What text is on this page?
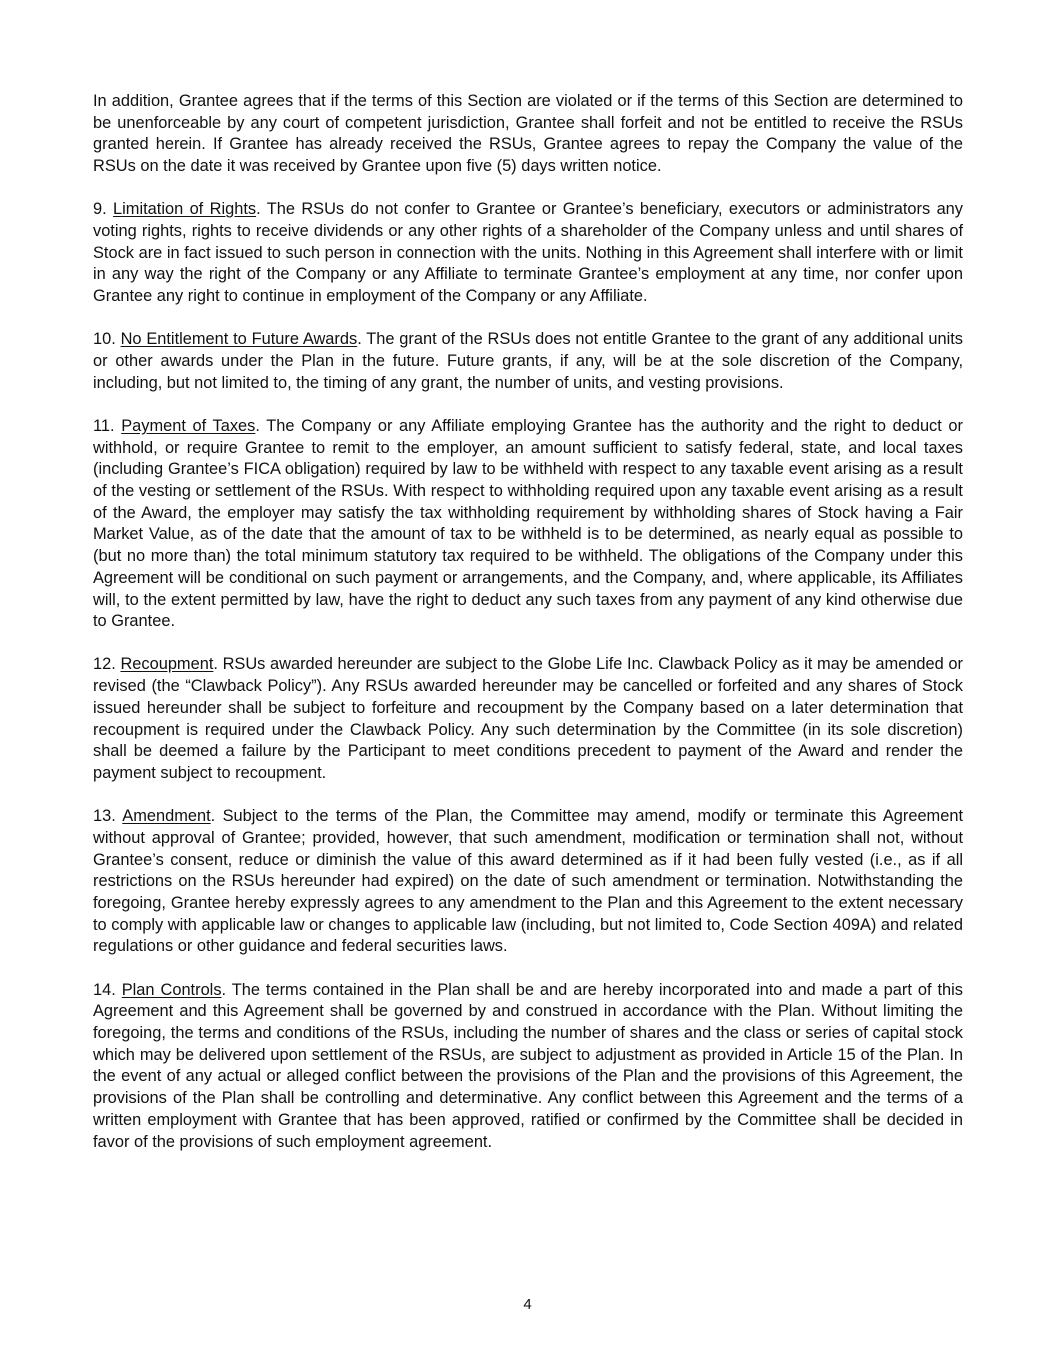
In addition, Grantee agrees that if the terms of this Section are violated or if the terms of this Section are determined to be unenforceable by any court of competent jurisdiction, Grantee shall forfeit and not be entitled to receive the RSUs granted herein. If Grantee has already received the RSUs, Grantee agrees to repay the Company the value of the RSUs on the date it was received by Grantee upon five (5) days written notice.

9. Limitation of Rights. The RSUs do not confer to Grantee or Grantee’s beneficiary, executors or administrators any voting rights, rights to receive dividends or any other rights of a shareholder of the Company unless and until shares of Stock are in fact issued to such person in connection with the units. Nothing in this Agreement shall interfere with or limit in any way the right of the Company or any Affiliate to terminate Grantee’s employment at any time, nor confer upon Grantee any right to continue in employment of the Company or any Affiliate.

10. No Entitlement to Future Awards. The grant of the RSUs does not entitle Grantee to the grant of any additional units or other awards under the Plan in the future. Future grants, if any, will be at the sole discretion of the Company, including, but not limited to, the timing of any grant, the number of units, and vesting provisions.

11. Payment of Taxes. The Company or any Affiliate employing Grantee has the authority and the right to deduct or withhold, or require Grantee to remit to the employer, an amount sufficient to satisfy federal, state, and local taxes (including Grantee’s FICA obligation) required by law to be withheld with respect to any taxable event arising as a result of the vesting or settlement of the RSUs. With respect to withholding required upon any taxable event arising as a result of the Award, the employer may satisfy the tax withholding requirement by withholding shares of Stock having a Fair Market Value, as of the date that the amount of tax to be withheld is to be determined, as nearly equal as possible to (but no more than) the total minimum statutory tax required to be withheld. The obligations of the Company under this Agreement will be conditional on such payment or arrangements, and the Company, and, where applicable, its Affiliates will, to the extent permitted by law, have the right to deduct any such taxes from any payment of any kind otherwise due to Grantee.

12. Recoupment. RSUs awarded hereunder are subject to the Globe Life Inc. Clawback Policy as it may be amended or revised (the “Clawback Policy”). Any RSUs awarded hereunder may be cancelled or forfeited and any shares of Stock issued hereunder shall be subject to forfeiture and recoupment by the Company based on a later determination that recoupment is required under the Clawback Policy. Any such determination by the Committee (in its sole discretion) shall be deemed a failure by the Participant to meet conditions precedent to payment of the Award and render the payment subject to recoupment.

13. Amendment. Subject to the terms of the Plan, the Committee may amend, modify or terminate this Agreement without approval of Grantee; provided, however, that such amendment, modification or termination shall not, without Grantee’s consent, reduce or diminish the value of this award determined as if it had been fully vested (i.e., as if all restrictions on the RSUs hereunder had expired) on the date of such amendment or termination. Notwithstanding the foregoing, Grantee hereby expressly agrees to any amendment to the Plan and this Agreement to the extent necessary to comply with applicable law or changes to applicable law (including, but not limited to, Code Section 409A) and related regulations or other guidance and federal securities laws.

14. Plan Controls. The terms contained in the Plan shall be and are hereby incorporated into and made a part of this Agreement and this Agreement shall be governed by and construed in accordance with the Plan. Without limiting the foregoing, the terms and conditions of the RSUs, including the number of shares and the class or series of capital stock which may be delivered upon settlement of the RSUs, are subject to adjustment as provided in Article 15 of the Plan. In the event of any actual or alleged conflict between the provisions of the Plan and the provisions of this Agreement, the provisions of the Plan shall be controlling and determinative. Any conflict between this Agreement and the terms of a written employment with Grantee that has been approved, ratified or confirmed by the Committee shall be decided in favor of the provisions of such employment agreement.

4
